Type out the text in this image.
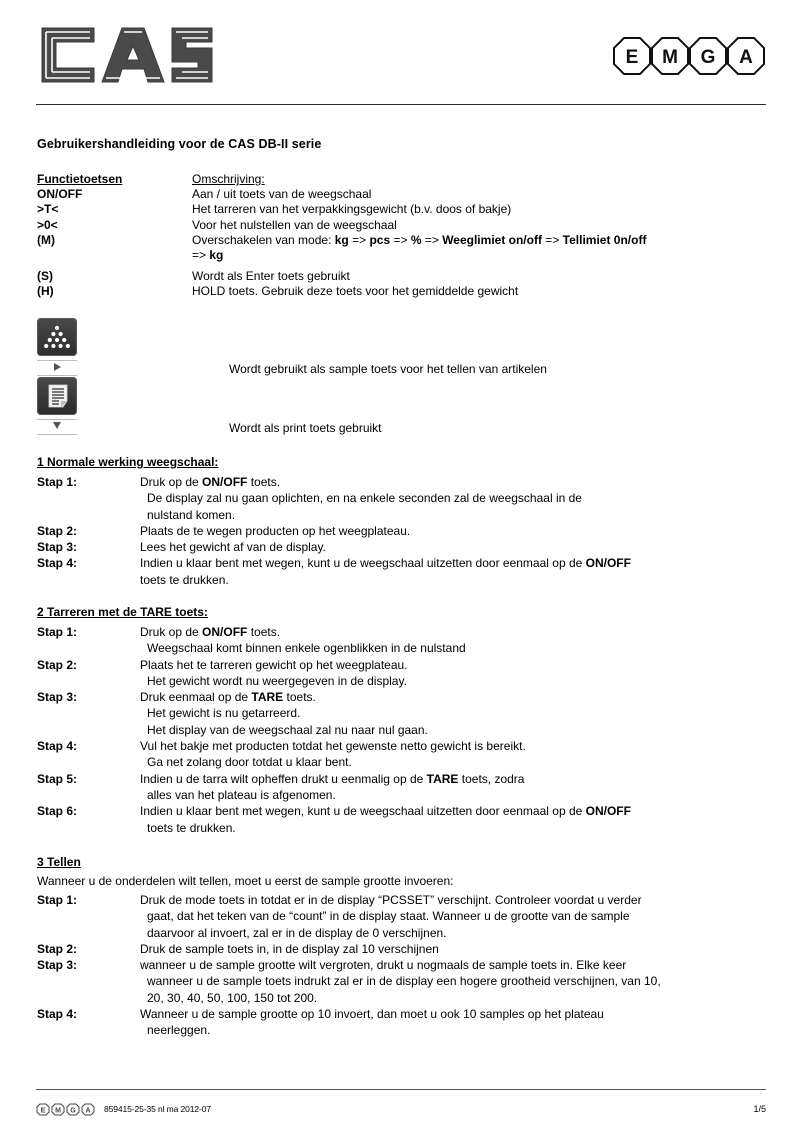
E M G A
Gebruikershandleiding voor de CAS DB-II serie
Functietoetsen	Omschrijving:
ON/OFF	Aan / uit toets van de weegschaal
>T<	Het tarreren van het verpakkingsgewicht (b.v. doos of bakje)
>0<	Voor het nulstellen van de weegschaal
(M)	Overschakelen van mode: kg => pcs => % => Weeglimiet on/off => Tellimiet 0n/off
=> kg
(S)	Wordt als Enter toets gebruikt
(H)	HOLD toets. Gebruik deze toets voor het gemiddelde gewicht
Wordt gebruikt als sample toets voor het tellen van artikelen
Wordt als print toets gebruikt
1 Normale werking weegschaal:
Stap 1:	Druk op de ON/OFF toets.
De display zal nu gaan oplichten, en na enkele seconden zal de weegschaal in de
nulstand komen.
Stap 2:	Plaats de te wegen producten op het weegplateau.
Stap 3:	Lees het gewicht af van de display.
Stap 4:	Indien u klaar bent met wegen, kunt u de weegschaal uitzetten door eenmaal op de ON/OFF
toets te drukken.
2 Tarreren met de TARE toets:
Stap 1:	Druk op de ON/OFF toets.
Weegschaal komt binnen enkele ogenblikken in de nulstand
Stap 2:	Plaats het te tarreren gewicht op het weegplateau.
Het gewicht wordt nu weergegeven in de display.
Stap 3:	Druk eenmaal op de TARE toets.
Het gewicht is nu getarreerd.
Het display van de weegschaal zal nu naar nul gaan.
Stap 4:	Vul het bakje met producten totdat het gewenste netto gewicht is bereikt.
Ga net zolang door totdat u klaar bent.
Stap 5:	Indien u de tarra wilt opheffen drukt u eenmalig op de TARE toets, zodra
alles van het plateau is afgenomen.
Stap 6:	Indien u klaar bent met wegen, kunt u de weegschaal uitzetten door eenmaal op de ON/OFF
toets te drukken.
3 Tellen
Wanneer u de onderdelen wilt tellen, moet u eerst de sample grootte invoeren:
Stap 1:	Druk de mode toets in totdat er in de display “PCSSET” verschijnt. Controleer voordat u verder
gaat, dat het teken van de “count” in de display staat. Wanneer u de grootte van de sample
daarvoor al invoert, zal er in de display de 0 verschijnen.
Stap 2:	Druk de sample toets in, in de display zal 10 verschijnen
Stap 3:	wanneer u de sample grootte wilt vergroten, drukt u nogmaals de sample toets in. Elke keer
wanneer u de sample toets indrukt zal er in de display een hogere grootheid verschijnen, van 10,
20, 30, 40, 50, 100, 150 tot 200.
Stap 4:	Wanneer u de sample grootte op 10 invoert, dan moet u ook 10 samples op het plateau
neerleggen.
E M G A 859415-25-35 nl ma 2012-07	1/5
